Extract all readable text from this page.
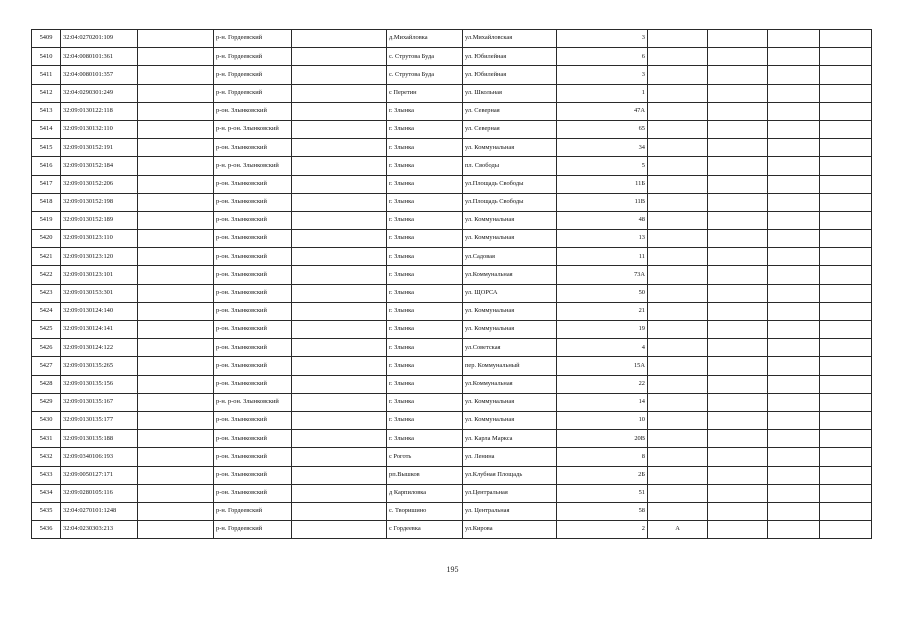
5409	32:04:0270201:109		р-н. Гордеевский		д.Михайловка	ул.Михайловская	3				
5410	32:04:0080101:361		р-н. Гордеевский		с. Струтова Буда	ул. Юбилейная	6				
5411	32:04:0080101:357		р-н. Гордеевский		с. Струтова Буда	ул. Юбилейная	3				
5412	32:04:0290301:249		р-н. Гордеевский		с Перетин	ул. Школьная	1				
5413	32:09:0130122:118		р-он. Злынковский		г. Злынка	ул. Северная	47А				
5414	32:09:0130132:110		р-н. р-он. Злынковский		г. Злынка	ул. Северная	65				
5415	32:09:0130152:191		р-он. Злынковский		г. Злынка	ул. Коммунальная	34				
5416	32:09:0130152:184		р-н. р-он. Злынковский		г. Злынка	пл. Свободы	5				
5417	32:09:0130152:206		р-он. Злынковский		г. Злынка	ул.Площадь Свободы	11Б				
5418	32:09:0130152:198		р-он. Злынковский		г. Злынка	ул.Площадь Свободы	11В				
5419	32:09:0130152:189		р-он. Злынковский		г. Злынка	ул. Коммунальная	48				
5420	32:09:0130123:110		р-он. Злынковский		г. Злынка	ул. Коммунальная	13				
5421	32:09:0130123:120		р-он. Злынковский		г. Злынка	ул.Садовая	11				
5422	32:09:0130123:101		р-он. Злынковский		г. Злынка	ул.Коммунальная	73А				
5423	32:09:0130153:301		р-он. Злынковский		г. Злынка	ул. ЩОРСА	50				
5424	32:09:0130124:140		р-он. Злынковский		г. Злынка	ул. Коммунальная	21				
5425	32:09:0130124:141		р-он. Злынковский		г. Злынка	ул. Коммунальная	19				
5426	32:09:0130124:122		р-он. Злынковский		г. Злынка	ул.Советская	4				
5427	32:09:0130135:265		р-он. Злынковский		г. Злынка	пер. Коммунальный	15А				
5428	32:09:0130135:156		р-он. Злынковский		г. Злынка	ул.Коммунальная	22				
5429	32:09:0130135:167		р-н. р-он. Злынковский		г. Злынка	ул. Коммунальная	14				
5430	32:09:0130135:177		р-он. Злынковский		г. Злынка	ул. Коммунальная	10				
5431	32:09:0130135:188		р-он. Злынковский		г. Злынка	ул. Карла Маркса	20В				
5432	32:09:0340106:193		р-он. Злынковский		с Роготь	ул. Ленина	8				
5433	32:09:0050127:171		р-он. Злынковский		рп.Вышков	ул.Клубная Площадь	2Б				
5434	32:09:0280105:116		р-он. Злынковский		д Карпиловка	ул.Центральная	51				
5435	32:04:0270101:1248		р-н. Гордеевский		с. Творишино	ул. Центральная	58				
5436	32:04:0230303:213		р-н. Гордеевский		с Гордеевка	ул.Кирова	2	А			
195
